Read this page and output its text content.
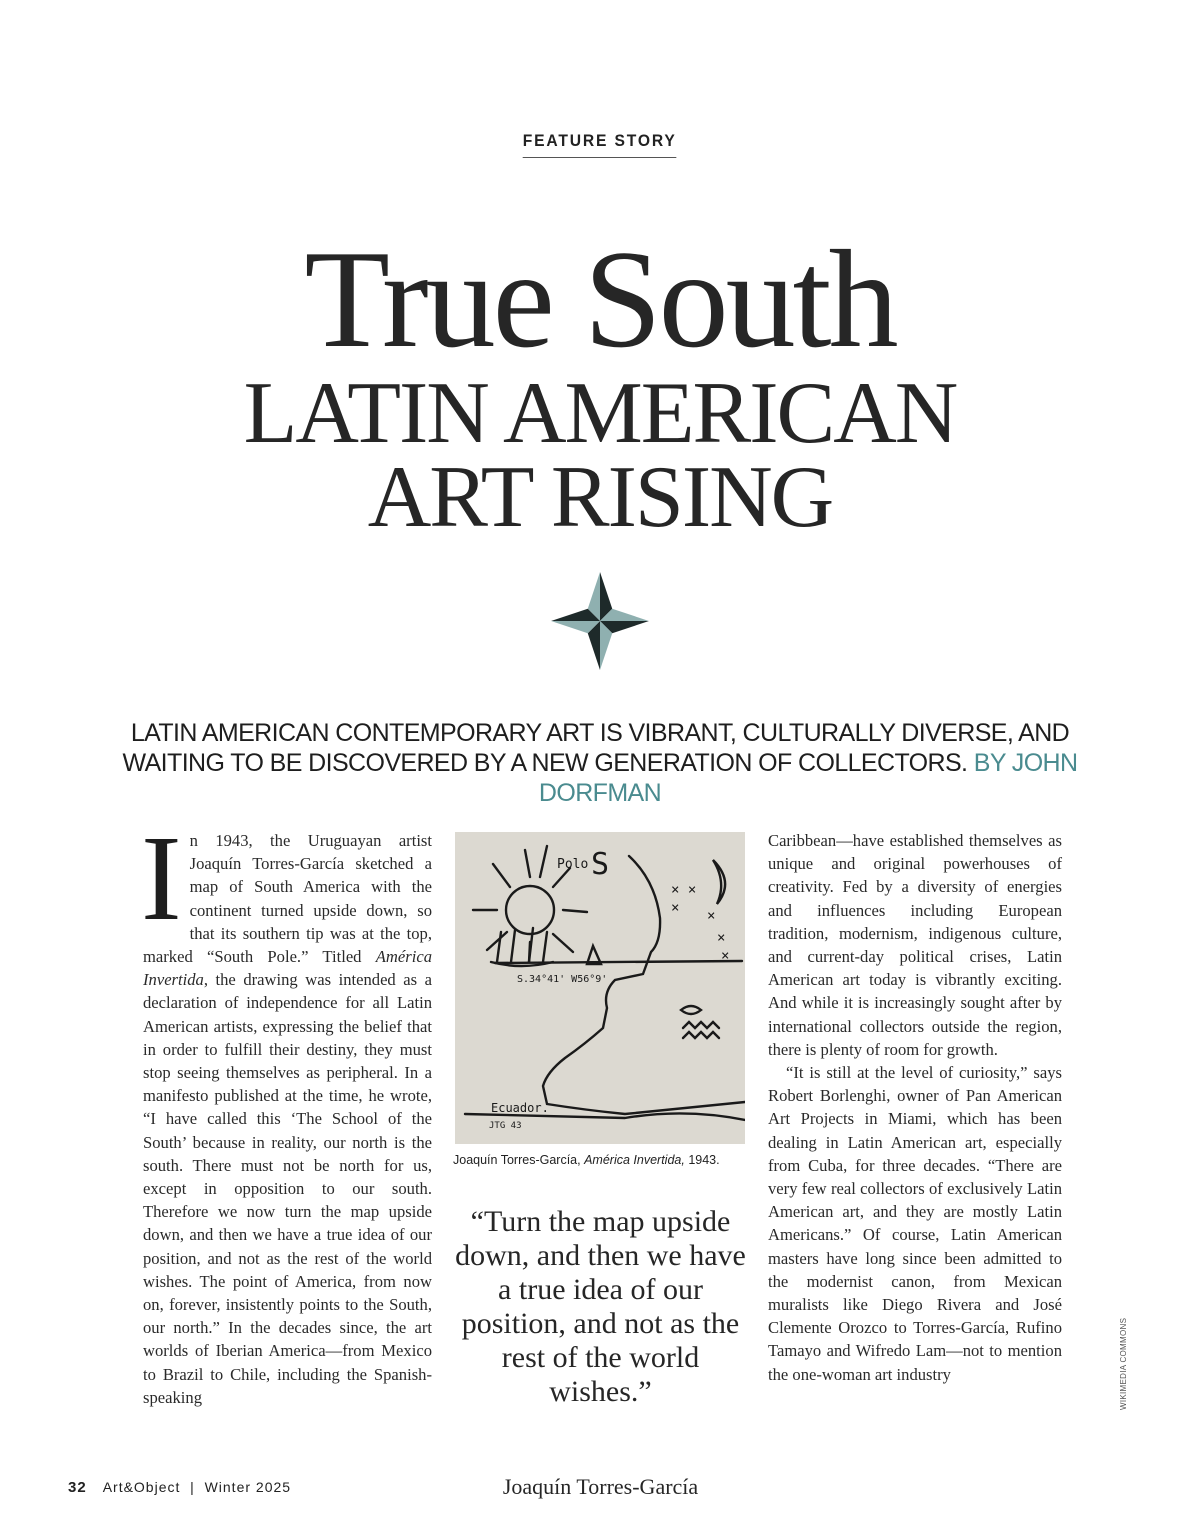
FEATURE STORY
True South
LATIN AMERICAN
ART RISING
LATIN AMERICAN CONTEMPORARY ART IS VIBRANT, CULTURALLY DIVERSE, AND WAITING TO BE DISCOVERED BY A NEW GENERATION OF COLLECTORS. BY JOHN DORFMAN
In 1943, the Uruguayan artist Joaquín Torres-García sketched a map of South America with the continent turned upside down, so that its southern tip was at the top, marked “South Pole.” Titled América Invertida, the drawing was intended as a declaration of independence for all Latin American artists, expressing the belief that in order to fulfill their destiny, they must stop seeing themselves as peripheral. In a manifesto published at the time, he wrote, “I have called this ‘The School of the South’ because in reality, our north is the south. There must not be north for us, except in opposition to our south. Therefore we now turn the map upside down, and then we have a true idea of our position, and not as the rest of the world wishes. The point of America, from now on, forever, insistently points to the South, our north.” In the decades since, the art worlds of Iberian America—from Mexico to Brazil to Chile, including the Spanish-speaking
Polo S
S.34°41' W56°9'
Ecuador.
JTG 43
× ×
× ×
×
×
Joaquín Torres-García, América Invertida, 1943.
“Turn the map upside down, and then we have a true idea of our position, and not as the rest of the world wishes.”
Joaquín Torres-García
Caribbean—have established themselves as unique and original powerhouses of creativity. Fed by a diversity of energies and influences including European tradition, modernism, indigenous culture, and current-day political crises, Latin American art today is vibrantly exciting. And while it is increasingly sought after by international collectors outside the region, there is plenty of room for growth.
“It is still at the level of curiosity,” says Robert Borlenghi, owner of Pan American Art Projects in Miami, which has been dealing in Latin American art, especially from Cuba, for three decades. “There are very few real collectors of exclusively Latin American art, and they are mostly Latin Americans.” Of course, Latin American masters have long since been admitted to the modernist canon, from Mexican muralists like Diego Rivera and José Clemente Orozco to Torres-García, Rufino Tamayo and Wifredo Lam—not to mention the one-woman art industry	WIKIMEDIA COMMONS
32 Art&Object  |  Winter 2025
